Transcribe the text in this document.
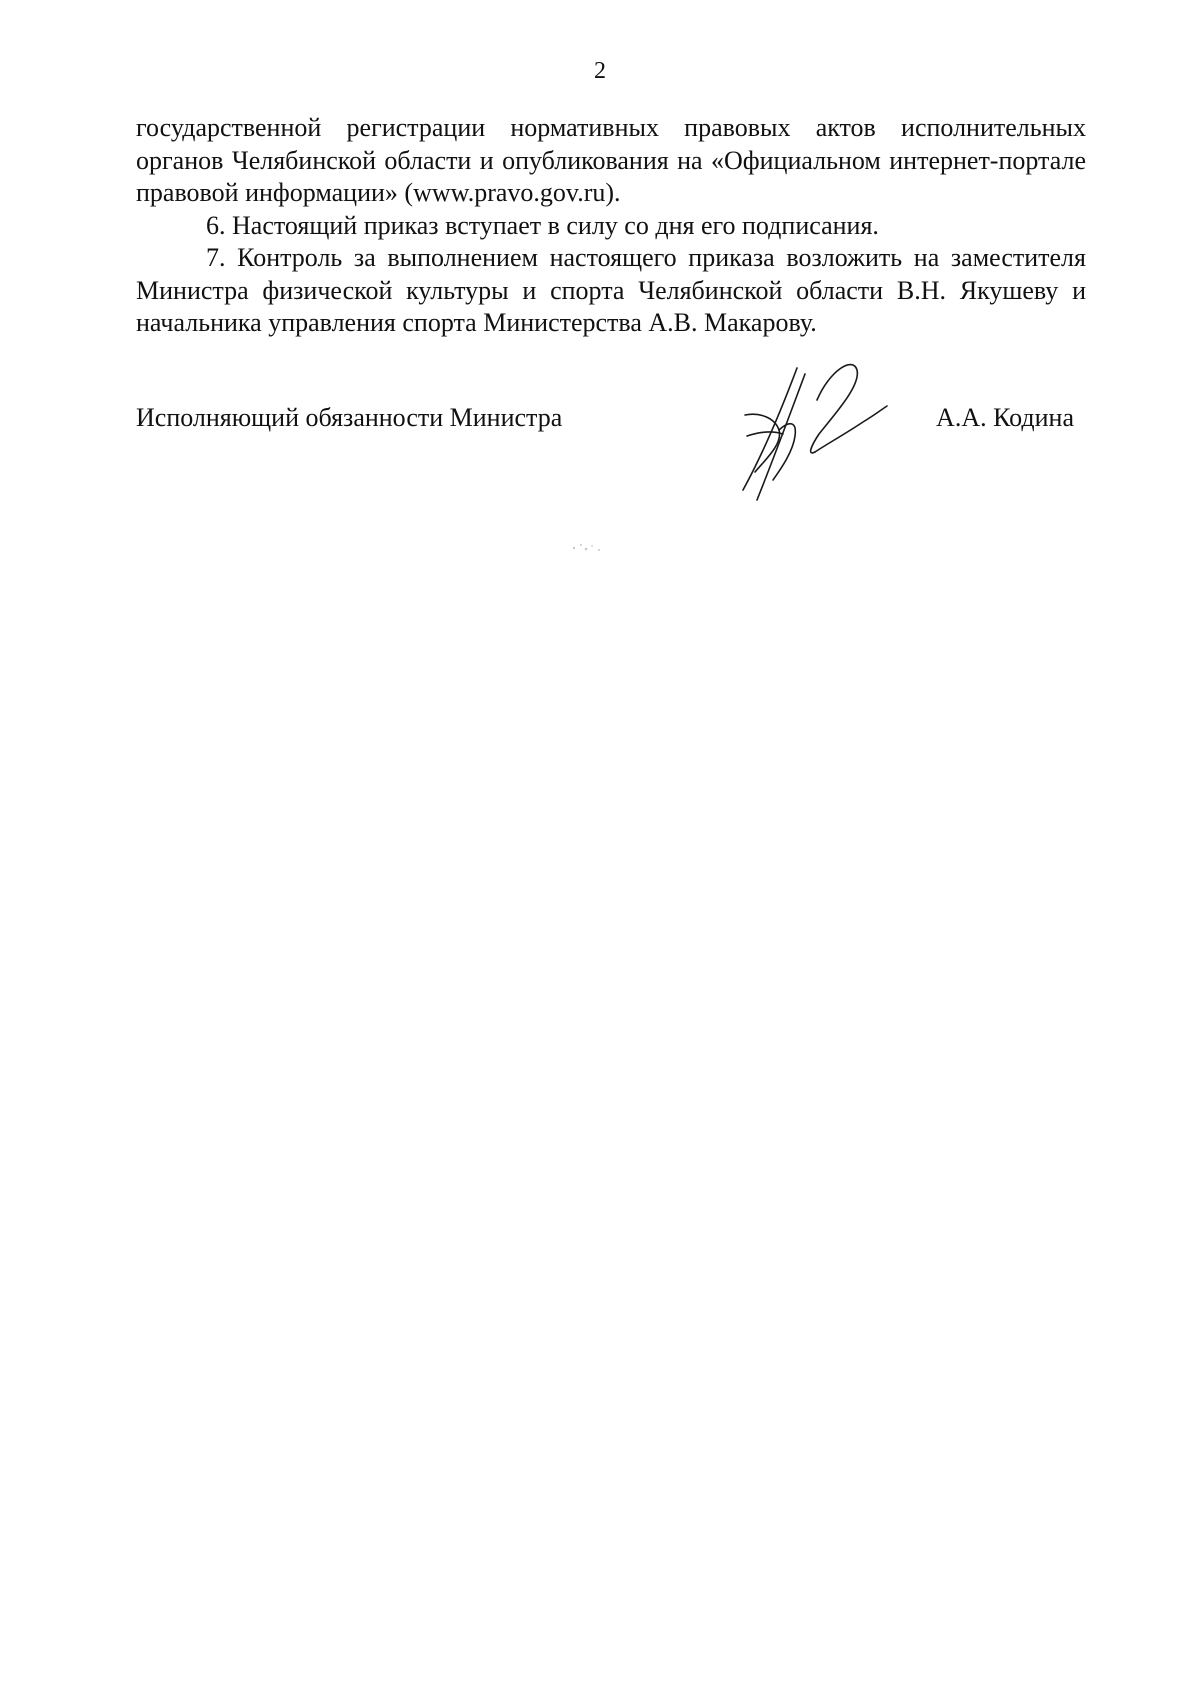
2

государственной регистрации нормативных правовых актов исполнительных органов Челябинской области и опубликования на «Официальном интернет-портале правовой информации» (www.pravo.gov.ru).

6. Настоящий приказ вступает в силу со дня его подписания.

7. Контроль за выполнением настоящего приказа возложить на заместителя Министра физической культуры и спорта Челябинской области В.Н. Якушеву и начальника управления спорта Министерства А.В. Макарову.

Исполняющий обязанности Министра	А.А. Кодина
